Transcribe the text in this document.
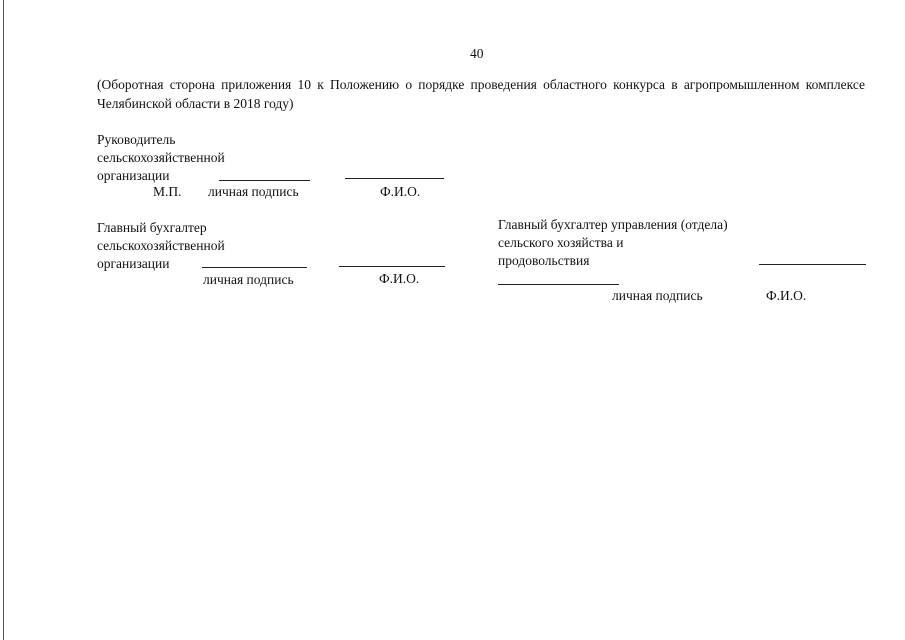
40
(Оборотная сторона приложения 10 к Положению о порядке проведения областного конкурса в агропромышленном комплексе Челябинской области в 2018 году)
Руководитель
сельскохозяйственной
организации
М.П. личная подпись	Ф.И.О.
Главный бухгалтер
сельскохозяйственной
организации
личная подпись	Ф.И.О.
Главный бухгалтер управления (отдела)
сельского хозяйства и
продовольствия
личная подпись	Ф.И.О.
